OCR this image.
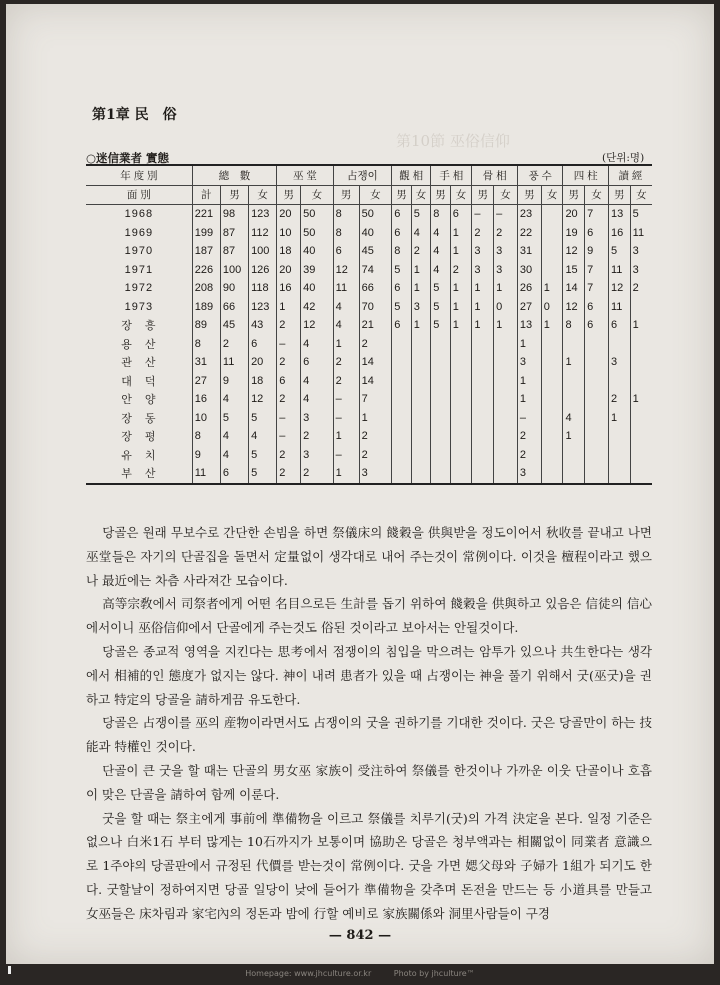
第1章 民　俗
第10節 巫俗信仰
○迷信業者 實態	(단위:명)
年 度 別	總　數			巫 堂		占쟁이		觀 相		手 相		骨 相		풍 수		四 柱		讀 經	
面 別	計	男	女	男	女	男	女	男	女	男	女	男	女	男	女	男	女	男	女
1968	221	98	123	20	50	8	50	6	5	8	6	–	–	23		20	7	13	5
1969	199	87	112	10	50	8	40	6	4	4	1	2	2	22		19	6	16	11
1970	187	87	100	18	40	6	45	8	2	4	1	3	3	31		12	9	5	3
1971	226	100	126	20	39	12	74	5	1	4	2	3	3	30		15	7	11	3
1972	208	90	118	16	40	11	66	6	1	5	1	1	1	26	1	14	7	12	2
1973	189	66	123	1	42	4	70	5	3	5	1	1	0	27	0	12	6	11	
장　흥	89	45	43	2	12	4	21	6	1	5	1	1	1	13	1	8	6	6	1
용　산	8	2	6	–	4	1	2							1					
관　산	31	11	20	2	6	2	14							3		1		3	
대　덕	27	9	18	6	4	2	14							1					
안　양	16	4	12	2	4	–	7							1				2	1
장　동	10	5	5	–	3	–	1							–		4		1	
장　평	8	4	4	–	2	1	2							2		1			
유　치	9	4	5	2	3	–	2							2					
부　산	11	6	5	2	2	1	3							3					

당골은 원래 무보수로 간단한 손빔을 하면 祭儀床의 餞穀을 供與받을 정도이어서 秋收를 끝내고 나면 巫堂들은 자기의 단골집을 돌면서 定量없이 생각대로 내어 주는것이 常例이다. 이것을 檀程이라고 했으나 最近에는 차츰 사라져간 모습이다.

高等宗敎에서 司祭者에게 어떤 名目으로든 生計를 돕기 위하여 餞穀을 供與하고 있음은 信徒의 信心에서이니 巫俗信仰에서 단골에게 주는것도 俗된 것이라고 보아서는 안될것이다.

당골은 종교적 영역을 지킨다는 思考에서 점쟁이의 침입을 막으려는 암투가 있으나 共生한다는 생각에서 相補的인 態度가 없지는 않다. 神이 내려 患者가 있을 때 占쟁이는 神을 풀기 위해서 굿(巫굿)을 권하고 特定의 당골을 請하게끔 유도한다.

당골은 占쟁이를 巫의 産物이라면서도 占쟁이의 굿을 권하기를 기대한 것이다. 굿은 당골만이 하는 技能과 特權인 것이다.

단골이 큰 굿을 할 때는 단골의 男女巫 家族이 受注하여 祭儀를 한것이나 가까운 이웃 단골이나 호흡이 맞은 단골을 請하여 함께 이룬다.

굿을 할 때는 祭主에게 事前에 準備物을 이르고 祭儀를 치루기(굿)의 가격 決定을 본다. 일정 기준은 없으나 白米1石 부터 많게는 10石까지가 보통이며 協助온 당골은 청부액과는 相關없이 同業者 意識으로 1주야의 당골판에서 규정된 代價를 받는것이 常例이다. 굿을 가면 媤父母와 子婦가 1組가 되기도 한다. 굿할날이 정하여지면 당골 일당이 낮에 들어가 準備物을 갖추며 돈전을 만드는 등 小道具를 만들고 女巫들은 床차림과 家宅內의 정돈과 밤에 行할 예비로 家族關係와 洞里사람들이 구경

— 842 —
Homepage: www.jhculture.or.kr	Photo by jhculture™
